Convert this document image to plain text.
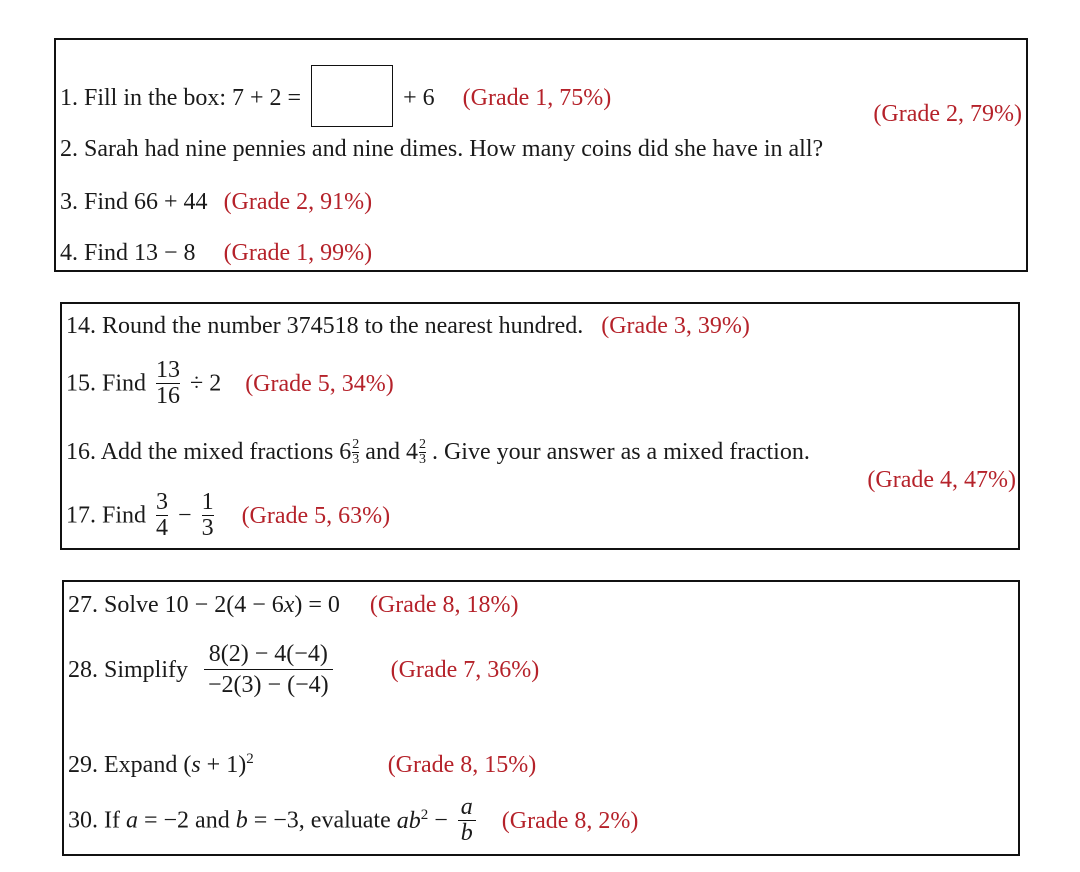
1. Fill in the box: 7 + 2 =	+ 6 (Grade 1, 75%)
(Grade 2, 79%)
2. Sarah had nine pennies and nine dimes. How many coins did she have in all?
3. Find 66 + 44 (Grade 2, 91%)
4. Find 13 − 8 (Grade 1, 99%)
14. Round the number 374518 to the nearest hundred. (Grade 3, 39%)
15. Find $\frac{13}{16} \div 2$ (Grade 5, 34%)
16. Add the mixed fractions $6 \frac{2}{3}$ and $4 \frac{2}{3}$ . Give your answer as a mixed fraction.
(Grade 4, 47%)
17. Find $\frac{3}{4} - \frac{1}{3}$ (Grade 5, 63%)
27. Solve 10 − 2(4 − 6x) = 0 (Grade 8, 18%)
28. Simplify $\frac{8(2) - 4(-4)}{-2(3) - (-4)}$ (Grade 7, 36%)
29. Expand $(s + 1)^2$	(Grade 8, 15%)
30. If a = −2 and b = −3, evaluate $ab^2 - \frac{a}{b}$ (Grade 8, 2%)
